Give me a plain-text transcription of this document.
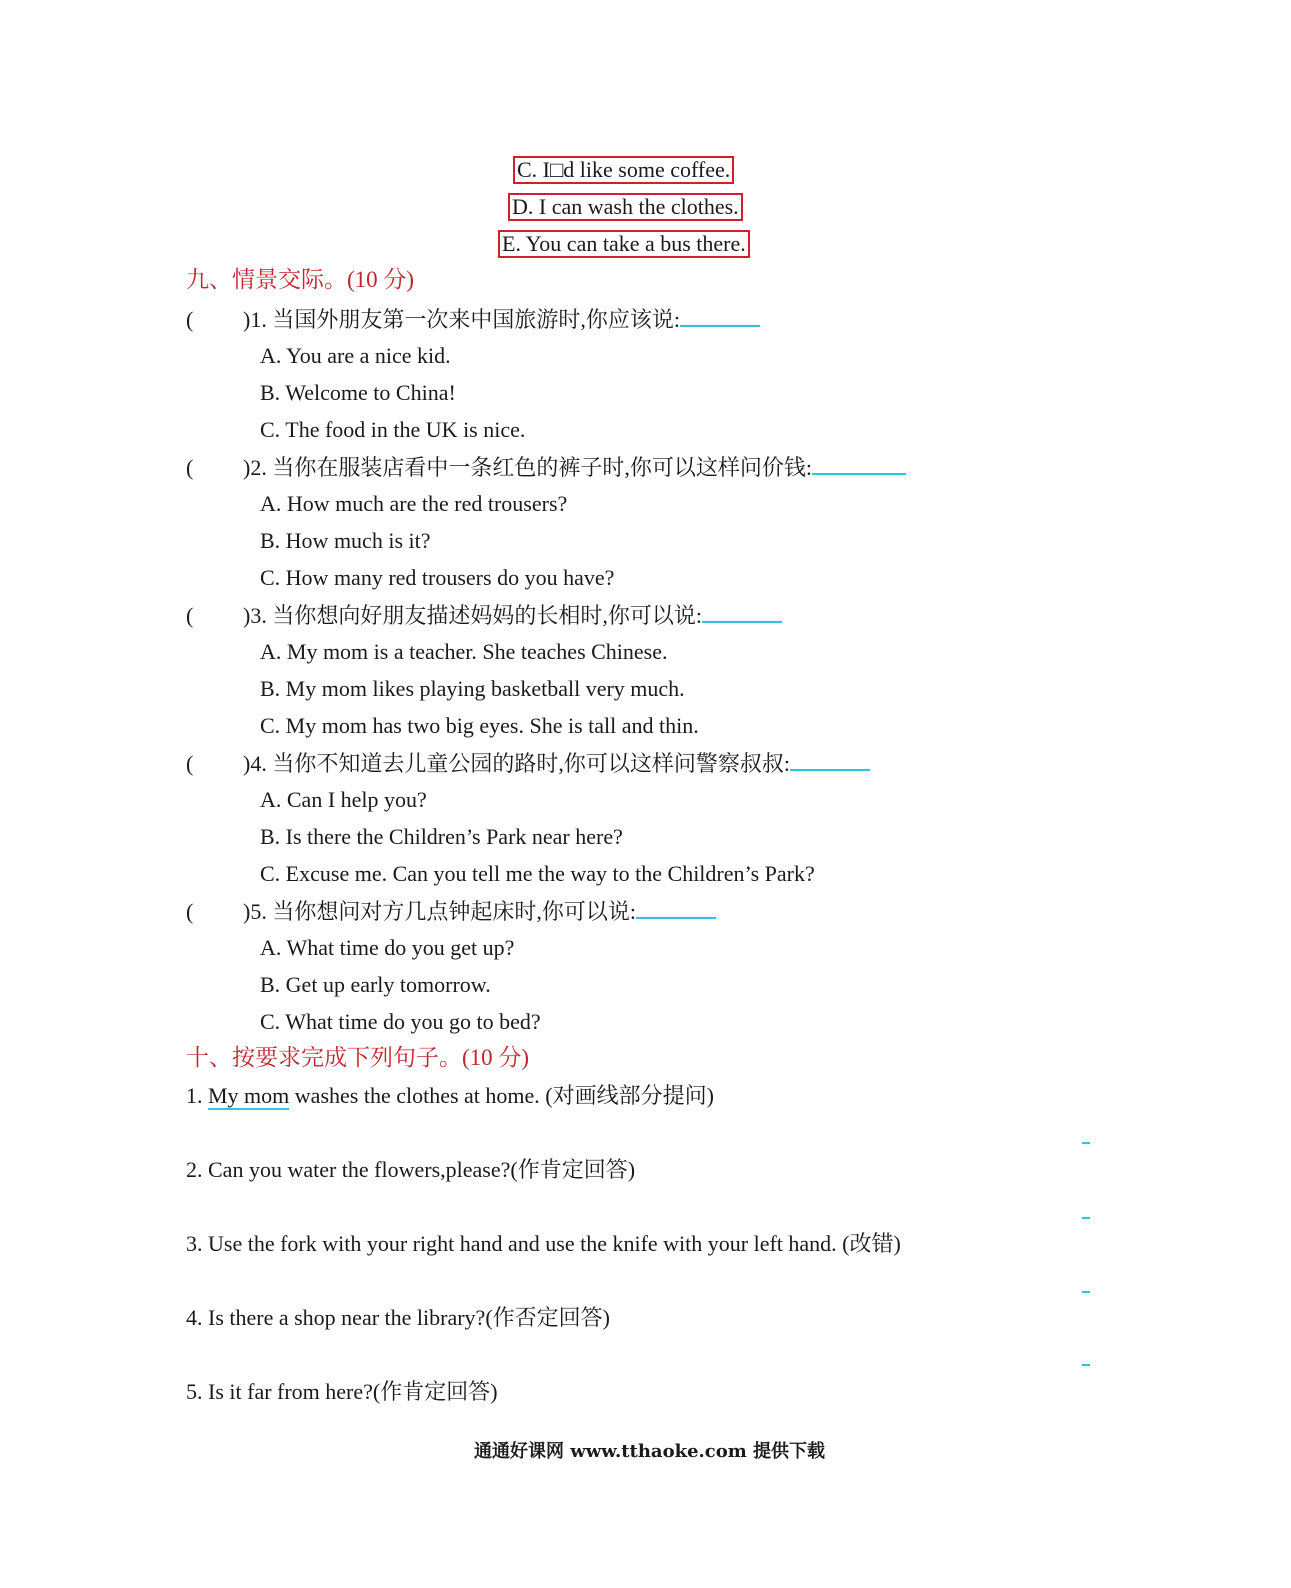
C. I□d like some coffee.
D. I can wash the clothes.
E. You can take a bus there.
九、情景交际。(10 分)
( )1. 当国外朋友第一次来中国旅游时,你应该说:
A. You are a nice kid.
B. Welcome to China!
C. The food in the UK is nice.
( )2. 当你在服装店看中一条红色的裤子时,你可以这样问价钱:
A. How much are the red trousers?
B. How much is it?
C. How many red trousers do you have?
( )3. 当你想向好朋友描述妈妈的长相时,你可以说:
A. My mom is a teacher. She teaches Chinese.
B. My mom likes playing basketball very much.
C. My mom has two big eyes. She is tall and thin.
( )4. 当你不知道去儿童公园的路时,你可以这样问警察叔叔:
A. Can I help you?
B. Is there the Children’s Park near here?
C. Excuse me. Can you tell me the way to the Children’s Park?
( )5. 当你想问对方几点钟起床时,你可以说:
A. What time do you get up?
B. Get up early tomorrow.
C. What time do you go to bed?
十、按要求完成下列句子。(10 分)
1. My mom washes the clothes at home. (对画线部分提问)
2. Can you water the flowers,please?(作肯定回答)
3. Use the fork with your right hand and use the knife with your left hand. (改错)
4. Is there a shop near the library?(作否定回答)
5. Is it far from here?(作肯定回答)
通通好课网 www.tthaoke.com 提供下载
